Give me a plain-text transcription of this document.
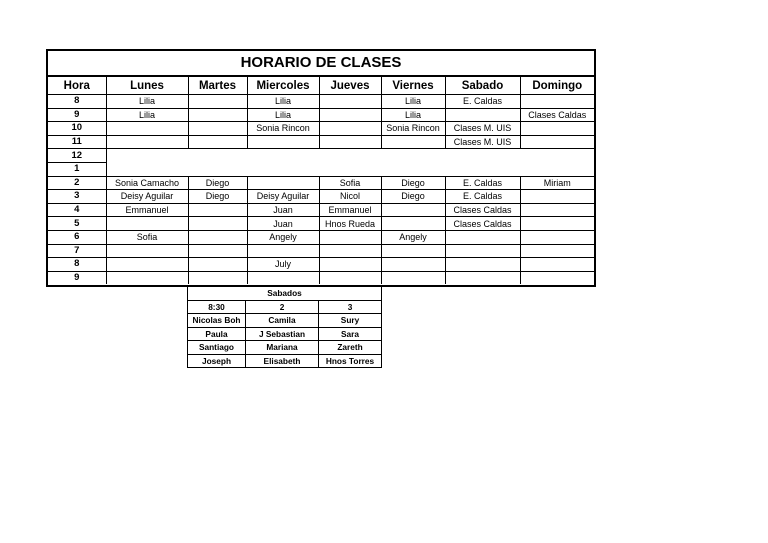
HORARIO DE CLASES
Hora	Lunes	Martes	Miercoles	Jueves	Viernes	Sabado	Domingo
8	Lilia		Lilia		Lilia	E. Caldas	
9	Lilia		Lilia		Lilia		Clases Caldas
10			Sonia Rincon		Sonia Rincon	Clases M. UIS	
11						Clases M. UIS	
12							
1							
2	Sonia Camacho	Diego		Sofia	Diego	E. Caldas	Miriam
3	Deisy Aguilar	Diego	Deisy Aguilar	Nicol	Diego	E. Caldas	
4	Emmanuel		Juan	Emmanuel		Clases Caldas	
5			Juan	Hnos Rueda		Clases Caldas	
6	Sofia		Angely		Angely		
7							
8			July				
9							
Sabados		
8:30	2	3
Nicolas Boh	Camila	Sury
Paula	J Sebastian	Sara
Santiago	Mariana	Zareth
Joseph	Elisabeth	Hnos Torres
